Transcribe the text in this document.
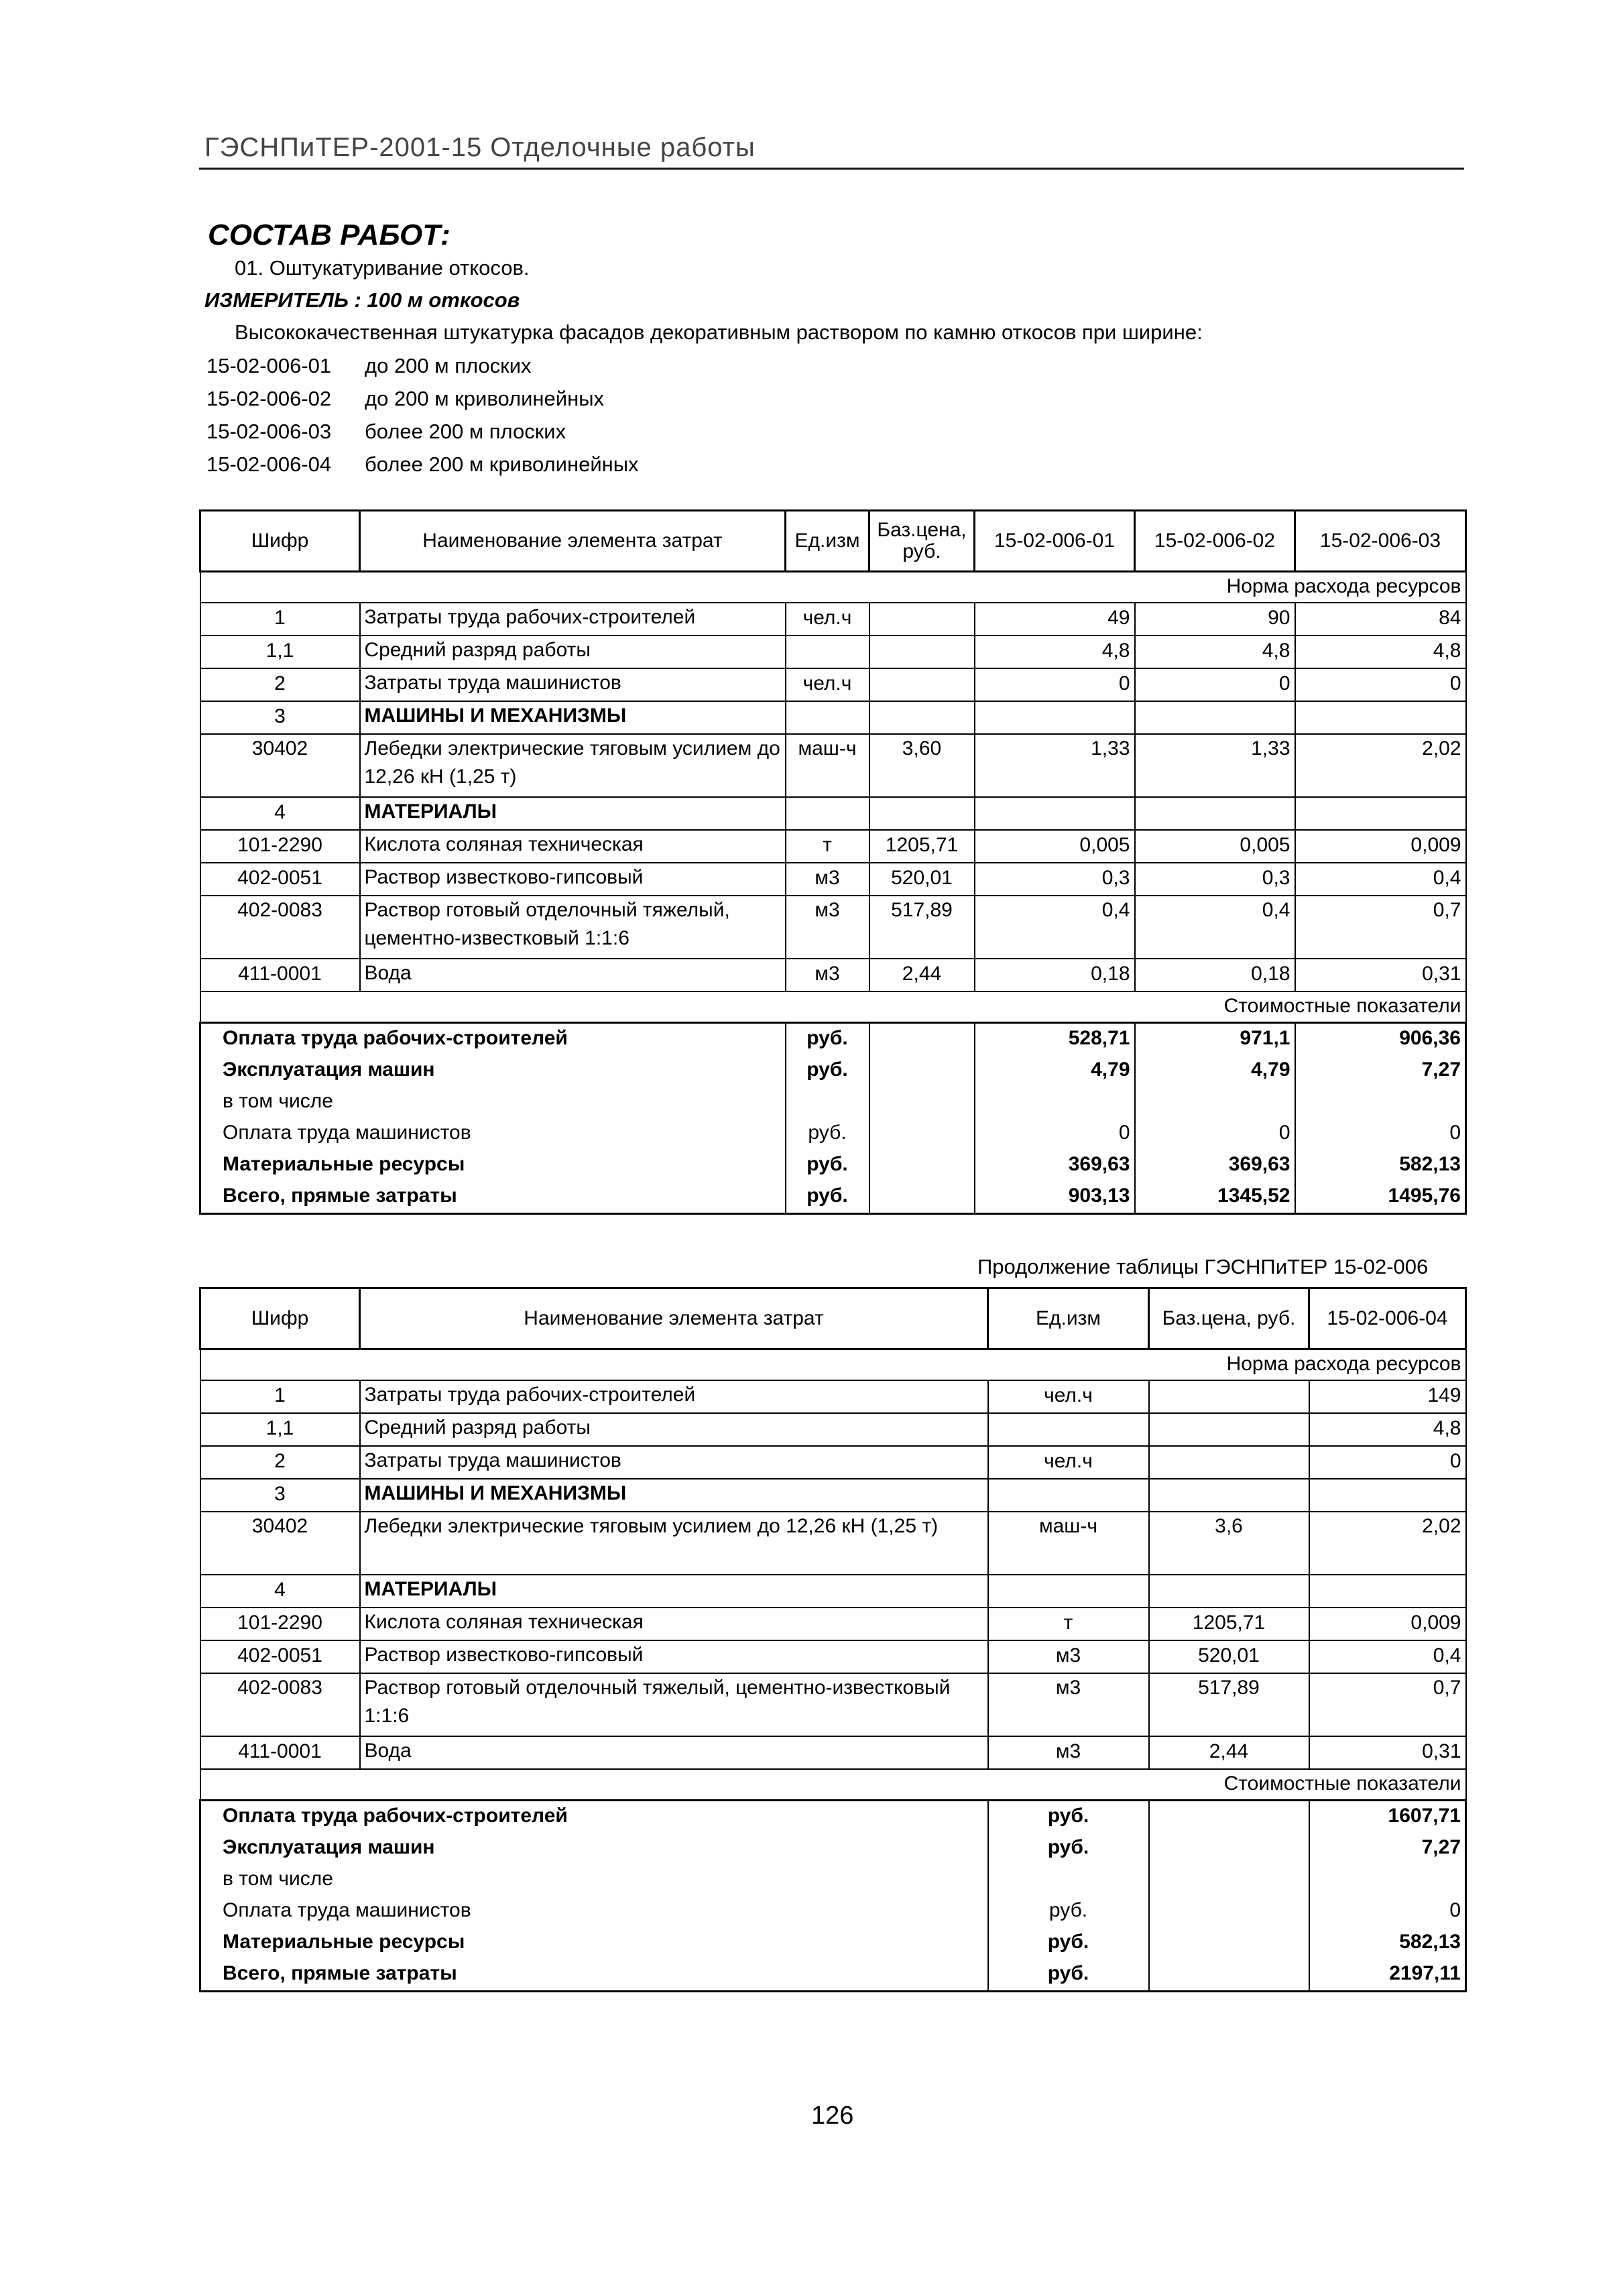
ГЭСНПиТЕР-2001-15 Отделочные работы
СОСТАВ РАБОТ:
01. Оштукатуривание откосов.
ИЗМЕРИТЕЛЬ : 100 м откосов
Высококачественная штукатурка фасадов декоративным раствором по камню откосов при ширине:
15-02-006-01 до 200 м плоских
15-02-006-02 до 200 м криволинейных
15-02-006-03 более 200 м плоских
15-02-006-04 более 200 м криволинейных
Шифр	Наименование элемента затрат	Ед.изм	Баз.цена, руб.	15-02-006-01	15-02-006-02	15-02-006-03
Норма расхода ресурсов						
1	Затраты труда рабочих-строителей	чел.ч		49	90	84
1,1	Средний разряд работы			4,8	4,8	4,8
2	Затраты труда машинистов	чел.ч		0	0	0
3	МАШИНЫ И МЕХАНИЗМЫ					
30402	Лебедки электрические тяговым усилием до 12,26 кН (1,25 т)	маш-ч	3,60	1,33	1,33	2,02
4	МАТЕРИАЛЫ					
101-2290	Кислота соляная техническая	т	1205,71	0,005	0,005	0,009
402-0051	Раствор известково-гипсовый	м3	520,01	0,3	0,3	0,4
402-0083	Раствор готовый отделочный тяжелый, цементно-известковый 1:1:6	м3	517,89	0,4	0,4	0,7
411-0001	Вода	м3	2,44	0,18	0,18	0,31
Стоимостные показатели						
Оплата труда рабочих-строителей		руб.		528,71	971,1	906,36
Эксплуатация машин		руб.		4,79	4,79	7,27
в том числе						
Оплата труда машинистов		руб.		0	0	0
Материальные ресурсы		руб.		369,63	369,63	582,13
Всего, прямые затраты		руб.		903,13	1345,52	1495,76
Продолжение таблицы ГЭСНПиТЕР 15-02-006
Шифр	Наименование элемента затрат	Ед.изм	Баз.цена, руб.	15-02-006-04
Норма расхода ресурсов				
1	Затраты труда рабочих-строителей	чел.ч		149
1,1	Средний разряд работы			4,8
2	Затраты труда машинистов	чел.ч		0
3	МАШИНЫ И МЕХАНИЗМЫ			
30402	Лебедки электрические тяговым усилием до 12,26 кН (1,25 т)	маш-ч	3,6	2,02
4	МАТЕРИАЛЫ			
101-2290	Кислота соляная техническая	т	1205,71	0,009
402-0051	Раствор известково-гипсовый	м3	520,01	0,4
402-0083	Раствор готовый отделочный тяжелый, цементно-известковый 1:1:6	м3	517,89	0,7
411-0001	Вода	м3	2,44	0,31
Стоимостные показатели				
Оплата труда рабочих-строителей		руб.		1607,71
Эксплуатация машин		руб.		7,27
в том числе				
Оплата труда машинистов		руб.		0
Материальные ресурсы		руб.		582,13
Всего, прямые затраты		руб.		2197,11
126
